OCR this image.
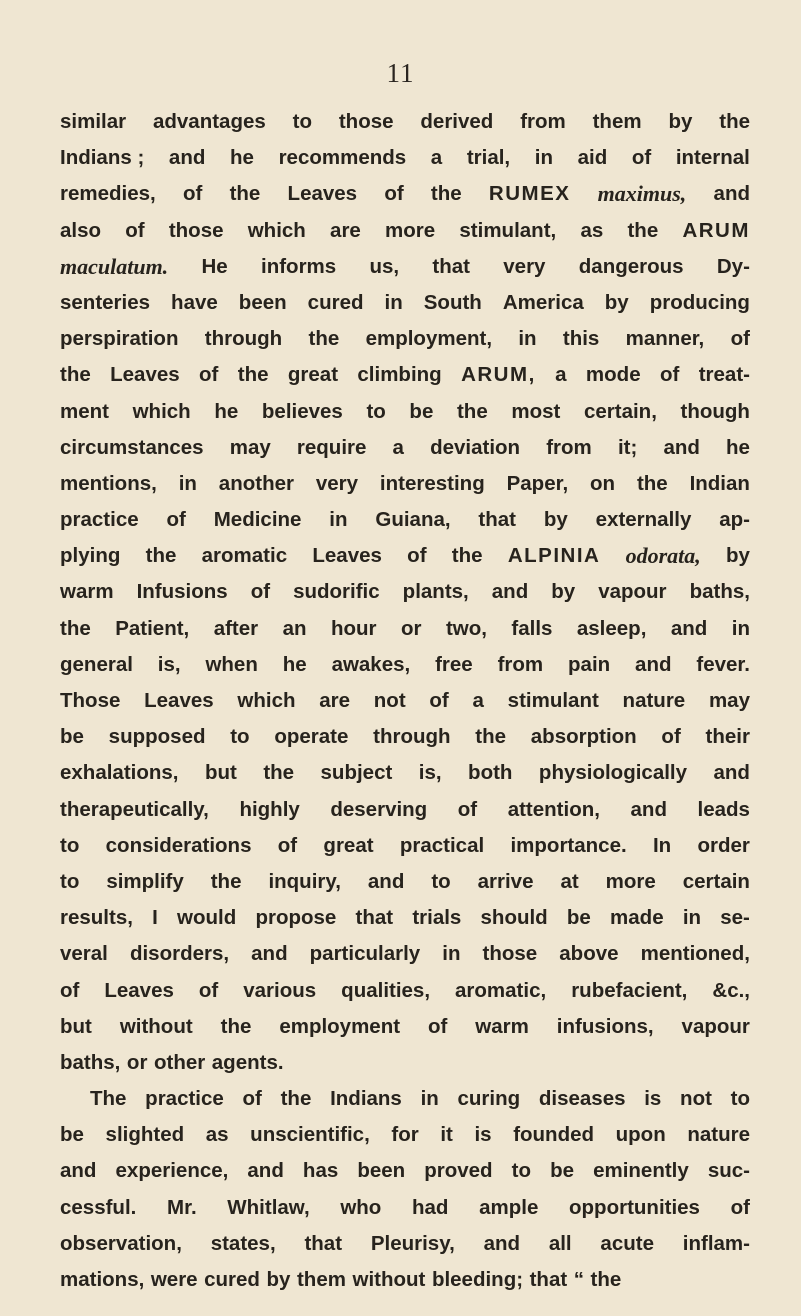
11
similar advantages to those derived from them by the
Indians ; and he recommends a trial, in aid of internal
remedies, of the Leaves of the RUMEX maximus, and
also of those which are more stimulant, as the ARUM
maculatum. He informs us, that very dangerous Dy-
senteries have been cured in South America by producing
perspiration through the employment, in this manner, of
the Leaves of the great climbing ARUM, a mode of treat-
ment which he believes to be the most certain, though
circumstances may require a deviation from it; and he
mentions, in another very interesting Paper, on the Indian
practice of Medicine in Guiana, that by externally ap-
plying the aromatic Leaves of the ALPINIA odorata, by
warm Infusions of sudorific plants, and by vapour baths,
the Patient, after an hour or two, falls asleep, and in
general is, when he awakes, free from pain and fever.
Those Leaves which are not of a stimulant nature may
be supposed to operate through the absorption of their
exhalations, but the subject is, both physiologically and
therapeutically, highly deserving of attention, and leads
to considerations of great practical importance. In order
to simplify the inquiry, and to arrive at more certain
results, I would propose that trials should be made in se-
veral disorders, and particularly in those above mentioned,
of Leaves of various qualities, aromatic, rubefacient, &c.,
but without the employment of warm infusions, vapour
baths, or other agents.
The practice of the Indians in curing diseases is not to
be slighted as unscientific, for it is founded upon nature
and experience, and has been proved to be eminently suc-
cessful. Mr. Whitlaw, who had ample opportunities of
observation, states, that Pleurisy, and all acute inflam-
mations, were cured by them without bleeding; that “ the
